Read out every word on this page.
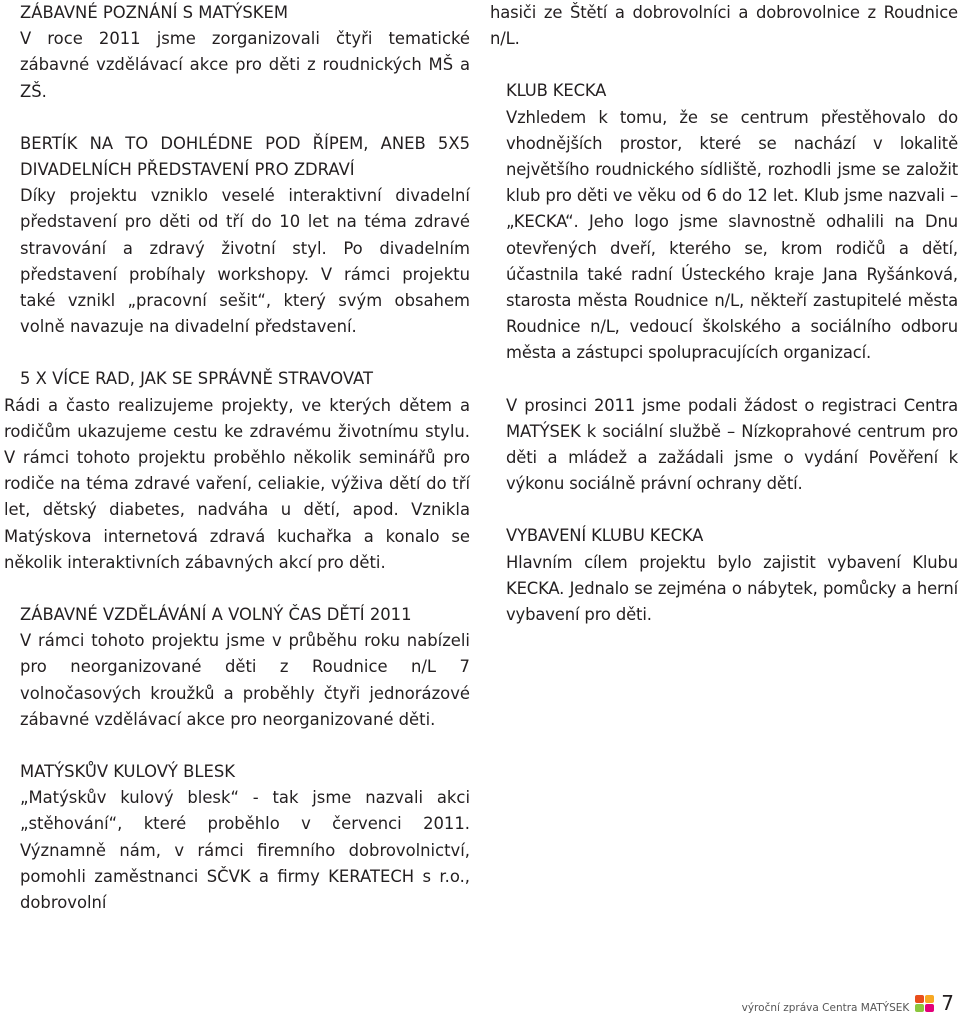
ZÁBAVNÉ POZNÁNÍ S MATÝSKEM

V roce 2011 jsme zorganizovali čtyři tematické zábavné vzdělávací akce pro děti z roudnických MŠ a ZŠ.

BERTÍK NA TO DOHLÉDNE POD ŘÍPEM, ANEB 5X5 DIVADELNÍCH PŘEDSTAVENÍ PRO ZDRAVÍ

Díky projektu vzniklo veselé interaktivní divadelní představení pro děti od tří do 10 let na téma zdravé stravování a zdravý životní styl. Po divadelním představení probíhaly workshopy. V rámci projektu také vznikl „pracovní sešit“, který svým obsahem volně navazuje na divadelní představení.

5 X VÍCE RAD, JAK SE SPRÁVNĚ STRAVOVAT

Rádi a často realizujeme projekty, ve kterých dětem a rodičům ukazujeme cestu ke zdravému životnímu stylu. V rámci tohoto projektu proběhlo několik seminářů pro rodiče na téma zdravé vaření, celiakie, výživa dětí do tří let, dětský diabetes, nadváha u dětí, apod. Vznikla Matýskova internetová zdravá kuchařka a konalo se několik interaktivních zábavných akcí pro děti.

ZÁBAVNÉ VZDĚLÁVÁNÍ A VOLNÝ ČAS DĚTÍ 2011

V rámci tohoto projektu jsme v průběhu roku nabízeli pro neorganizované děti z Roudnice n/L 7 volnočasových kroužků a proběhly čtyři jednorázové zábavné vzdělávací akce pro neorganizované děti.

MATÝSKŮV KULOVÝ BLESK

„Matýskův kulový blesk“ - tak jsme nazvali akci „stěhování“, které proběhlo v červenci 2011. Významně nám, v rámci firemního dobrovolnictví, pomohli zaměstnanci SČVK a firmy KERATECH s r.o., dobrovolní

hasiči ze Štětí a dobrovolníci a dobrovolnice z Roudnice n/L.

KLUB KECKA

Vzhledem k tomu, že se centrum přestěhovalo do vhodnějších prostor, které se nachází v lokalitě největšího roudnického sídliště, rozhodli jsme se založit klub pro děti ve věku od 6 do 12 let. Klub jsme nazvali – „KECKA“. Jeho logo jsme slavnostně odhalili na Dnu otevřených dveří, kterého se, krom rodičů a dětí, účastnila také radní Ústeckého kraje Jana Ryšánková, starosta města Roudnice n/L, někteří zastupitelé města Roudnice n/L, vedoucí školského a sociálního odboru města a zástupci spolupracujících organizací.

V prosinci 2011 jsme podali žádost o registraci Centra MATÝSEK k sociální službě – Nízkoprahové centrum pro děti a mládež a zažádali jsme o vydání Pověření k výkonu sociálně právní ochrany dětí.

VYBAVENÍ KLUBU KECKA

Hlavním cílem projektu bylo zajistit vybavení Klubu KECKA. Jednalo se zejména o nábytek, pomůcky a herní vybavení pro děti.

výroční zpráva Centra MATÝSEK 7
